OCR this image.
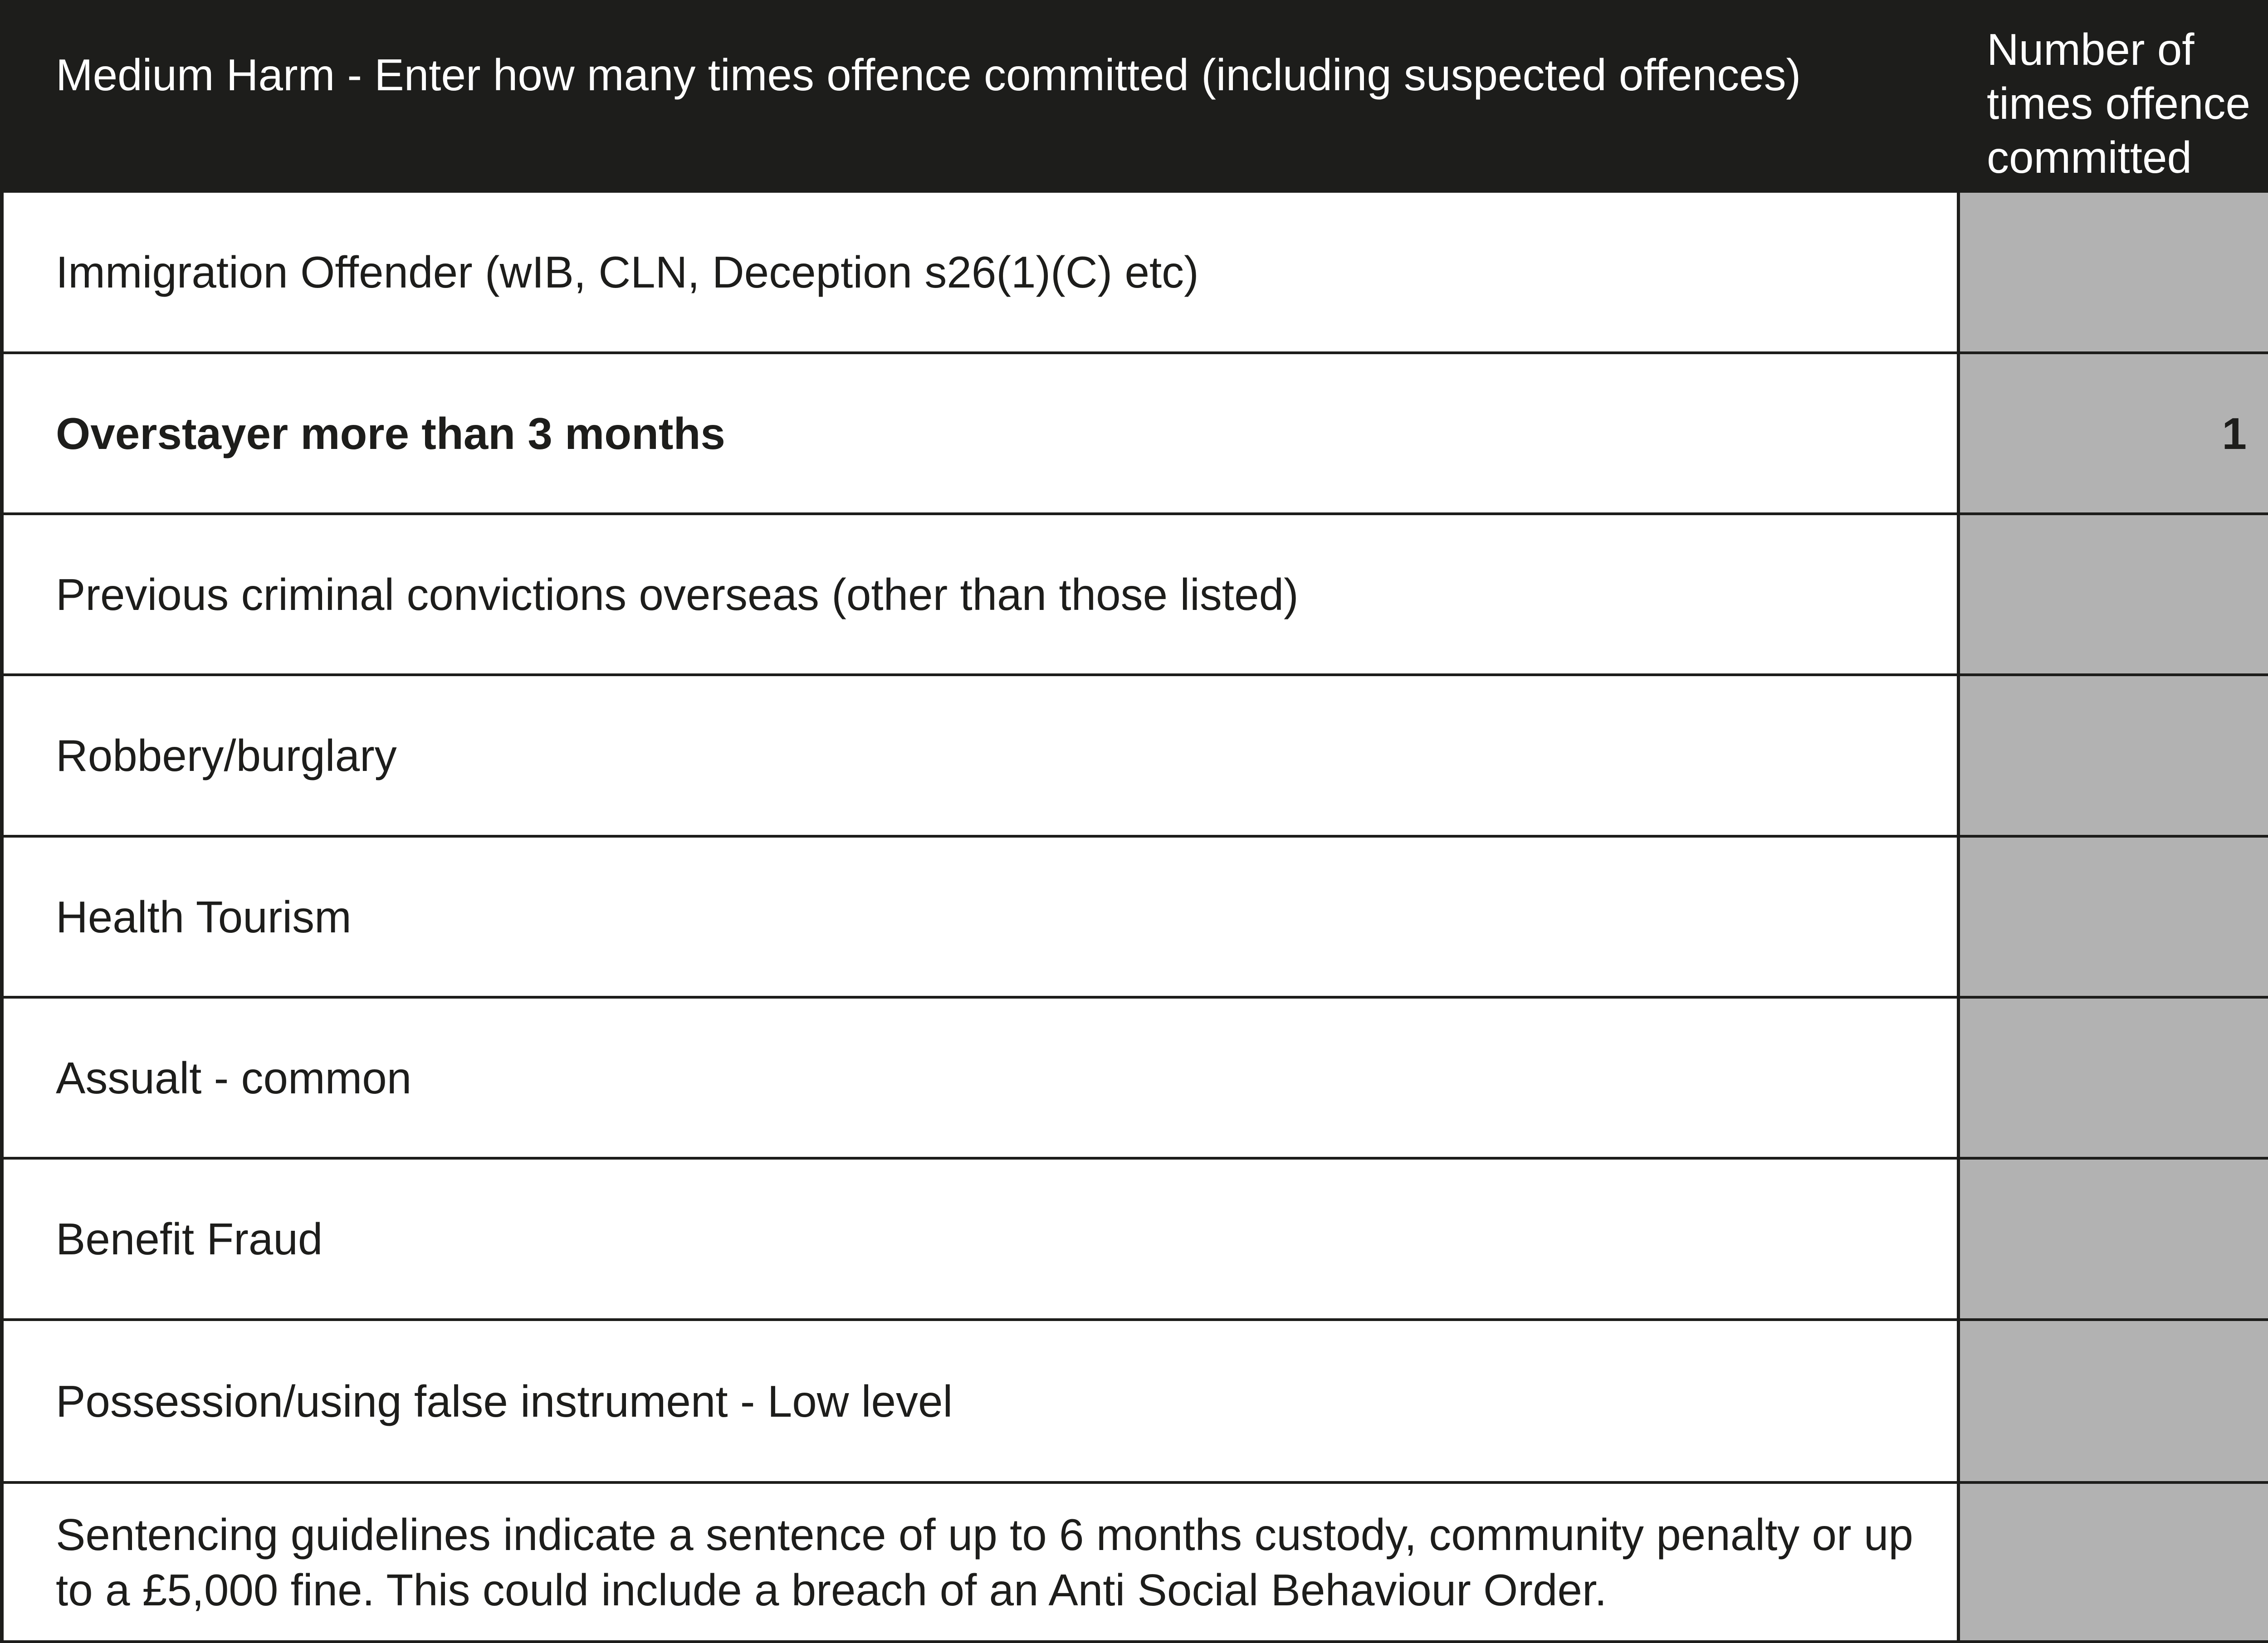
Medium Harm - Enter how many times offence committed (including suspected offences)
Number of times offence committed
Immigration Offender (wIB, CLN, Deception s26(1)(C) etc)
Overstayer more than 3 months	1
Previous criminal convictions overseas (other than those listed)
Robbery/burglary
Health Tourism
Assualt - common
Benefit Fraud
Possession/using false instrument - Low level
Sentencing guidelines indicate a sentence of up to 6 months custody, community penalty or up to a £5,000 fine. This could include a breach of an Anti Social Behaviour Order.
